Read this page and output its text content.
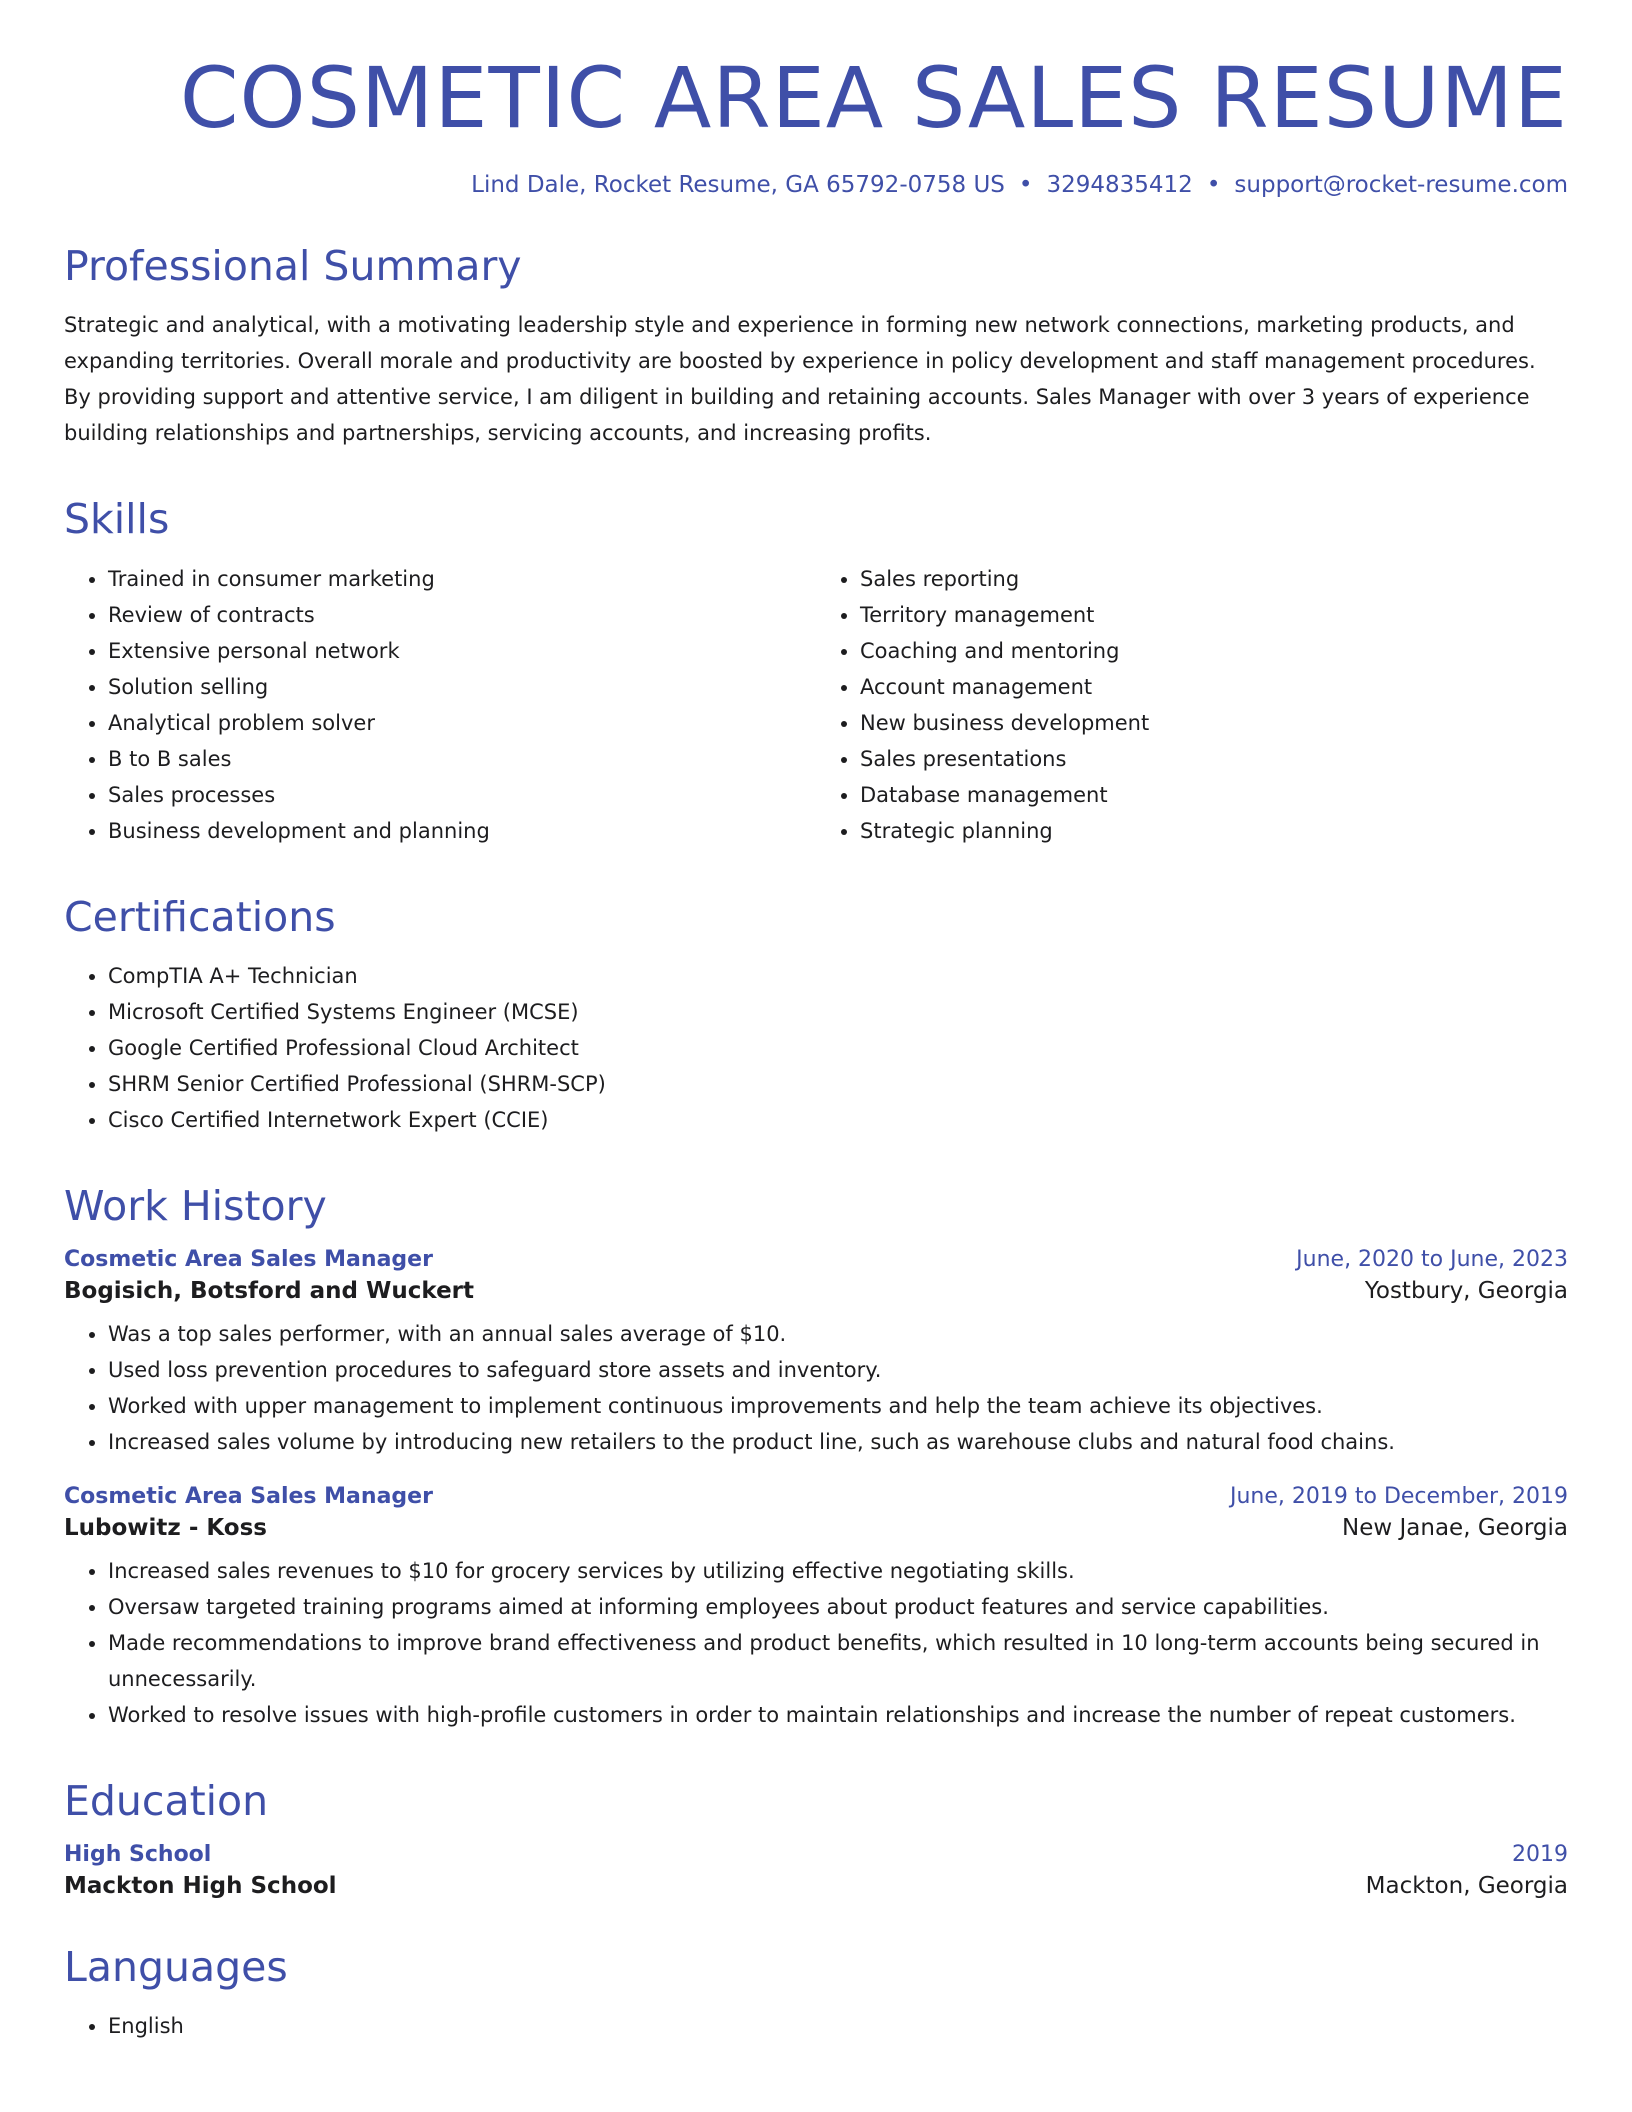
COSMETIC AREA SALES RESUME
Lind Dale, Rocket Resume, GA 65792-0758 US • 3294835412 • support@rocket-resume.com
Professional Summary

Strategic and analytical, with a motivating leadership style and experience in forming new network connections, marketing products, and expanding territories. Overall morale and productivity are boosted by experience in policy development and staff management procedures. By providing support and attentive service, I am diligent in building and retaining accounts. Sales Manager with over 3 years of experience building relationships and partnerships, servicing accounts, and increasing profits.

Skills
• Trained in consumer marketing
• Review of contracts
• Extensive personal network
• Solution selling
• Analytical problem solver
• B to B sales
• Sales processes
• Business development and planning
• Sales reporting
• Territory management
• Coaching and mentoring
• Account management
• New business development
• Sales presentations
• Database management
• Strategic planning
Certifications
• CompTIA A+ Technician
• Microsoft Certified Systems Engineer (MCSE)
• Google Certified Professional Cloud Architect
• SHRM Senior Certified Professional (SHRM-SCP)
• Cisco Certified Internetwork Expert (CCIE)
Work History
Cosmetic Area Sales Manager	June, 2020 to June, 2023
Bogisich, Botsford and Wuckert	Yostbury, Georgia
• Was a top sales performer, with an annual sales average of $10.
• Used loss prevention procedures to safeguard store assets and inventory.
• Worked with upper management to implement continuous improvements and help the team achieve its objectives.
• Increased sales volume by introducing new retailers to the product line, such as warehouse clubs and natural food chains.
Cosmetic Area Sales Manager	June, 2019 to December, 2019
Lubowitz - Koss	New Janae, Georgia
• Increased sales revenues to $10 for grocery services by utilizing effective negotiating skills.
• Oversaw targeted training programs aimed at informing employees about product features and service capabilities.
• Made recommendations to improve brand effectiveness and product benefits, which resulted in 10 long-term accounts being secured in unnecessarily.
• Worked to resolve issues with high-profile customers in order to maintain relationships and increase the number of repeat customers.
Education
High School	2019
Mackton High School	Mackton, Georgia
Languages
• English
